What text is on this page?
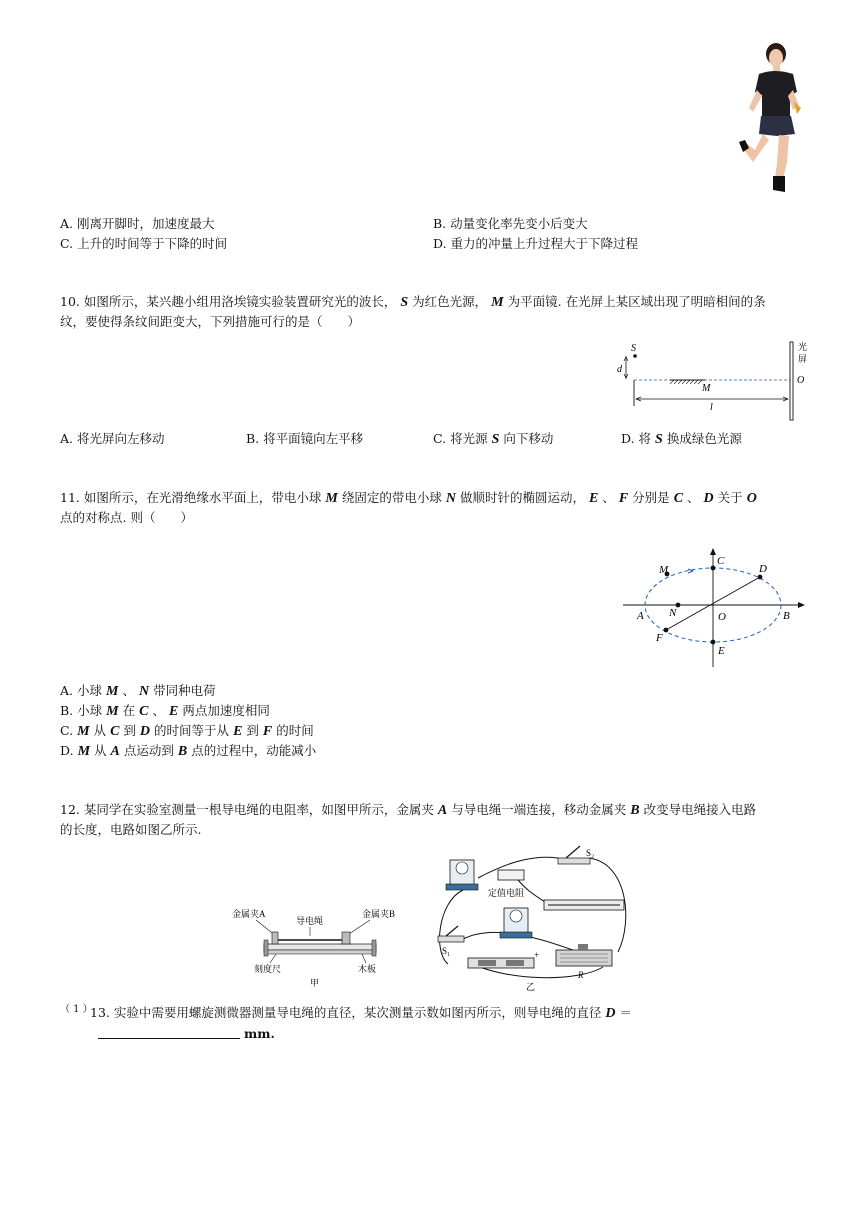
A. 刚离开脚时，加速度最大	B. 动量变化率先变小后变大
C. 上升的时间等于下降的时间	D. 重力的冲量上升过程大于下降过程
10. 如图所示，某兴趣小组用洛埃镜实验装置研究光的波长， S 为红色光源， M 为平面镜. 在光屏上某区域出现了明暗相间的条
纹，要使得条纹间距变大，下列措施可行的是（　　）
S
d
M
l
光
屏
O
A. 将光屏向左移动	B. 将平面镜向左平移	C. 将光源 S 向下移动	D. 将 S 换成绿色光源
11. 如图所示，在光滑绝缘水平面上，带电小球 M 绕固定的带电小球 N 做顺时针的椭圆运动， E 、 F 分别是 C 、 D 关于 O
点的对称点. 则（　　）
M
C
D
N
A	O	B
F
E
A. 小球 M 、 N 带同种电荷
B. 小球 M 在 C 、 E 两点加速度相同
C. M 从 C 到 D 的时间等于从 E 到 F 的时间
D. M 从 A 点运动到 B 点的过程中，动能减小
12. 某同学在实验室测量一根导电绳的电阻率，如图甲所示，金属夹 A 与导电绳一端连接，移动金属夹 B 改变导电绳接入电路
的长度，电路如图乙所示.
金属夹A
导电绳
金属夹B
刻度尺	木板
甲
定值电阻
S₂
S₁	+
R
乙
（ 1 ）
13. 实验中需要用螺旋测微器测量导电绳的直径，某次测量示数如图丙所示，则导电绳的直径 D ＝
mm.
